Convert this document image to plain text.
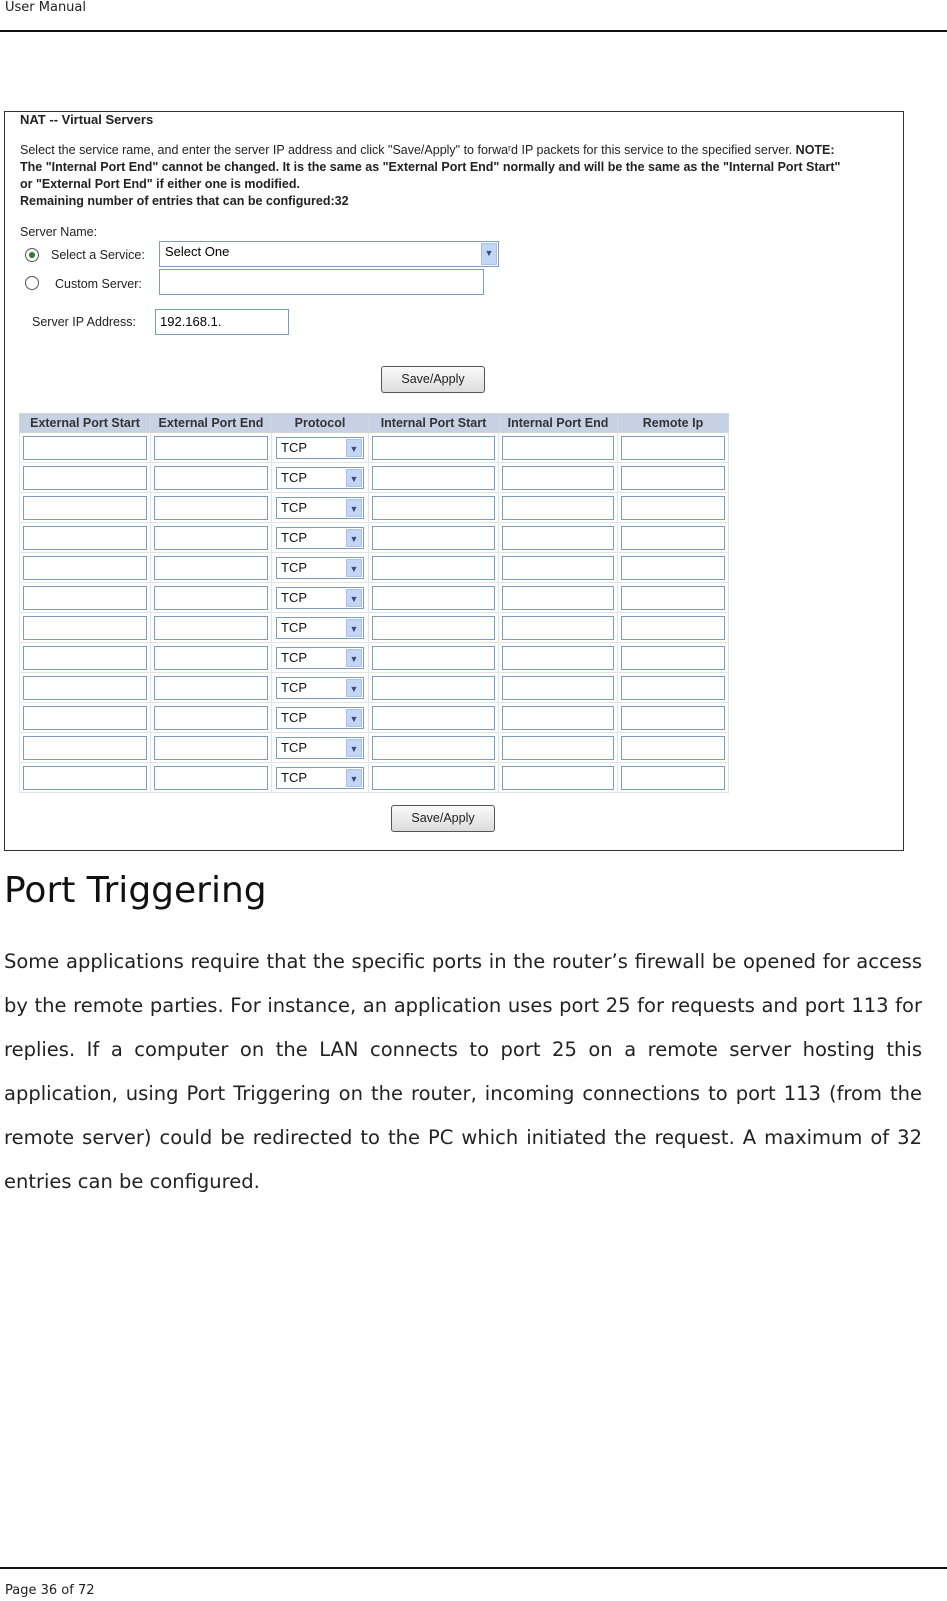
User Manual
NAT -- Virtual Servers
Select the service rame, and enter the server IP address and click "Save/Apply" to forwaʳd IP packets for this service to the specified server. NOTE: The "Internal Port End" cannot be changed. It is the same as "External Port End" normally and will be the same as the "Internal Port Start" or "External Port End" if either one is modified.
Remaining number of entries that can be configured:32
Server Name:
Select a Service: Select One	▼
Custom Server:
Server IP Address: 192.168.1.
Save/Apply
External Port Start	External Port End	Protocol	Internal Port Start	Internal Port End	Remote Ip

		TCP ▼			

		TCP ▼			

		TCP ▼			

		TCP ▼			

		TCP ▼			

		TCP ▼			

		TCP ▼			

		TCP ▼			

		TCP ▼			

		TCP ▼			

		TCP ▼			

		TCP ▼			

Save/Apply
Port Triggering

Some applications require that the specific ports in the router’s firewall be opened for access by the remote parties. For instance, an application uses port 25 for requests and port 113 for replies. If a computer on the LAN connects to port 25 on a remote server hosting this application, using Port Triggering on the router, incoming connections to port 113 (from the remote server) could be redirected to the PC which initiated the request. A maximum of 32 entries can be configured.

Page 36 of 72
